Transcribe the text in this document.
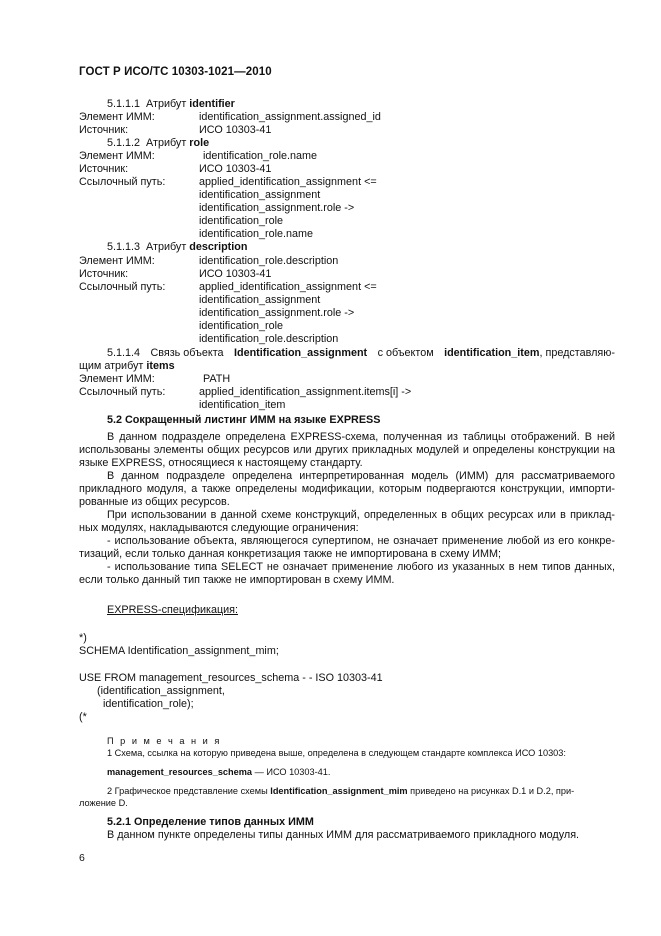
ГОСТ Р ИСО/ТС 10303-1021—2010
5.1.1.1 Атрибут identifier
Элемент ИММ:	identification_assignment.assigned_id
Источник:	ИСО 10303-41
5.1.1.2 Атрибут role
Элемент ИММ:	identification_role.name
Источник:	ИСО 10303-41
Ссылочный путь:	applied_identification_assignment <=
identification_assignment
identification_assignment.role ->
identification_role
identification_role.name
5.1.1.3 Атрибут description
Элемент ИММ:	identification_role.description
Источник:	ИСО 10303-41
Ссылочный путь:	applied_identification_assignment <=
identification_assignment
identification_assignment.role ->
identification_role
identification_role.description
5.1.1.4 Связь объекта Identification_assignment с объектом identification_item, представляю-
щим атрибут items
Элемент ИММ:	PATH
Ссылочный путь:	applied_identification_assignment.items[i] ->
identification_item
5.2 Сокращенный листинг ИММ на языке EXPRESS
В данном подразделе определена EXPRESS-схема, полученная из таблицы отображений. В ней использованы элементы общих ресурсов или других прикладных модулей и определены конструкции на языке EXPRESS, относящиеся к настоящему стандарту.
В данном подразделе определена интерпретированная модель (ИММ) для рассматриваемого прикладного модуля, а также определены модификации, которым подвергаются конструкции, импорти-рованные из общих ресурсов.
При использовании в данной схеме конструкций, определенных в общих ресурсах или в приклад-ных модулях, накладываются следующие ограничения:
- использование объекта, являющегося супертипом, не означает применение любой из его конкре-тизаций, если только данная конкретизация также не импортирована в схему ИММ;
- использование типа SELECT не означает применение любого из указанных в нем типов данных, если только данный тип также не импортирован в схему ИММ.
EXPRESS-спецификация:
*)
SCHEMA Identification_assignment_mim;
USE FROM management_resources_schema - - ISO 10303-41
(identification_assignment,
identification_role);
(*
П р и м е ч а н и я
1 Схема, ссылка на которую приведена выше, определена в следующем стандарте комплекса ИСО 10303:
management_resources_schema — ИСО 10303-41.
2 Графическое представление схемы Identification_assignment_mim приведено на рисунках D.1 и D.2, при-
ложение D.
5.2.1 Определение типов данных ИММ
В данном пункте определены типы данных ИММ для рассматриваемого прикладного модуля.
6
